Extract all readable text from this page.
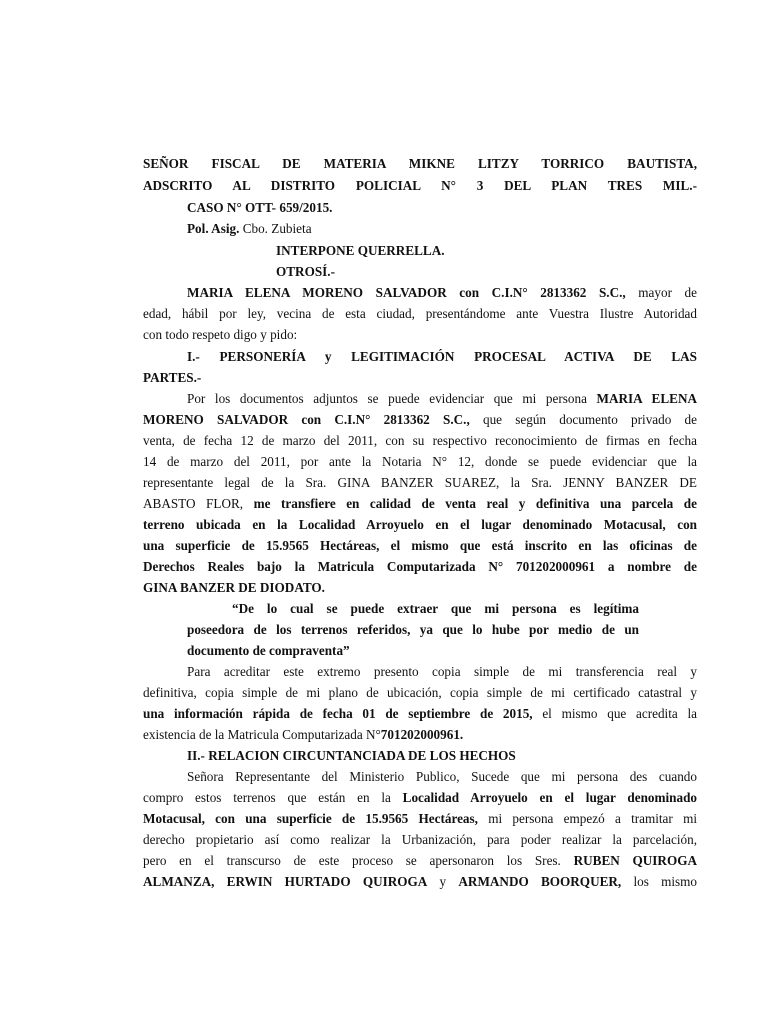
SEÑOR FISCAL DE MATERIA MIKNE LITZY TORRICO BAUTISTA,
ADSCRITO AL DISTRITO POLICIAL N° 3 DEL PLAN TRES MIL.-
CASO N° OTT- 659/2015.
Pol. Asig. Cbo. Zubieta
INTERPONE QUERRELLA.
OTROSÍ.-
MARIA ELENA MORENO SALVADOR con C.I.N° 2813362 S.C., mayor de
edad, hábil por ley, vecina de esta ciudad, presentándome ante Vuestra Ilustre Autoridad
con todo respeto digo y pido:
I.- PERSONERÍA y LEGITIMACIÓN PROCESAL ACTIVA DE LAS
PARTES.-
Por los documentos adjuntos se puede evidenciar que mi persona MARIA ELENA
MORENO SALVADOR con C.I.N° 2813362 S.C., que según documento privado de
venta, de fecha 12 de marzo del 2011, con su respectivo reconocimiento de firmas en fecha
14 de marzo del 2011, por ante la Notaria N° 12, donde se puede evidenciar que la
representante legal de la Sra. GINA BANZER SUAREZ, la Sra. JENNY BANZER DE
ABASTO FLOR, me transfiere en calidad de venta real y definitiva una parcela de
terreno ubicada en la Localidad Arroyuelo en el lugar denominado Motacusal, con
una superficie de 15.9565 Hectáreas, el mismo que está inscrito en las oficinas de
Derechos Reales bajo la Matricula Computarizada N° 701202000961 a nombre de
GINA BANZER DE DIODATO.
“De lo cual se puede extraer que mi persona es legítima
poseedora de los terrenos referidos, ya que lo hube por medio de un
documento de compraventa”
Para acreditar este extremo presento copia simple de mi transferencia real y
definitiva, copia simple de mi plano de ubicación, copia simple de mi certificado catastral y
una información rápida de fecha 01 de septiembre de 2015, el mismo que acredita la
existencia de la Matricula Computarizada N°701202000961.
II.- RELACION CIRCUNTANCIADA DE LOS HECHOS
Señora Representante del Ministerio Publico, Sucede que mi persona des cuando
compro estos terrenos que están en la Localidad Arroyuelo en el lugar denominado
Motacusal, con una superficie de 15.9565 Hectáreas, mi persona empezó a tramitar mi
derecho propietario así como realizar la Urbanización, para poder realizar la parcelación,
pero en el transcurso de este proceso se apersonaron los Sres. RUBEN QUIROGA
ALMANZA, ERWIN HURTADO QUIROGA y ARMANDO BOORQUER, los mismo
